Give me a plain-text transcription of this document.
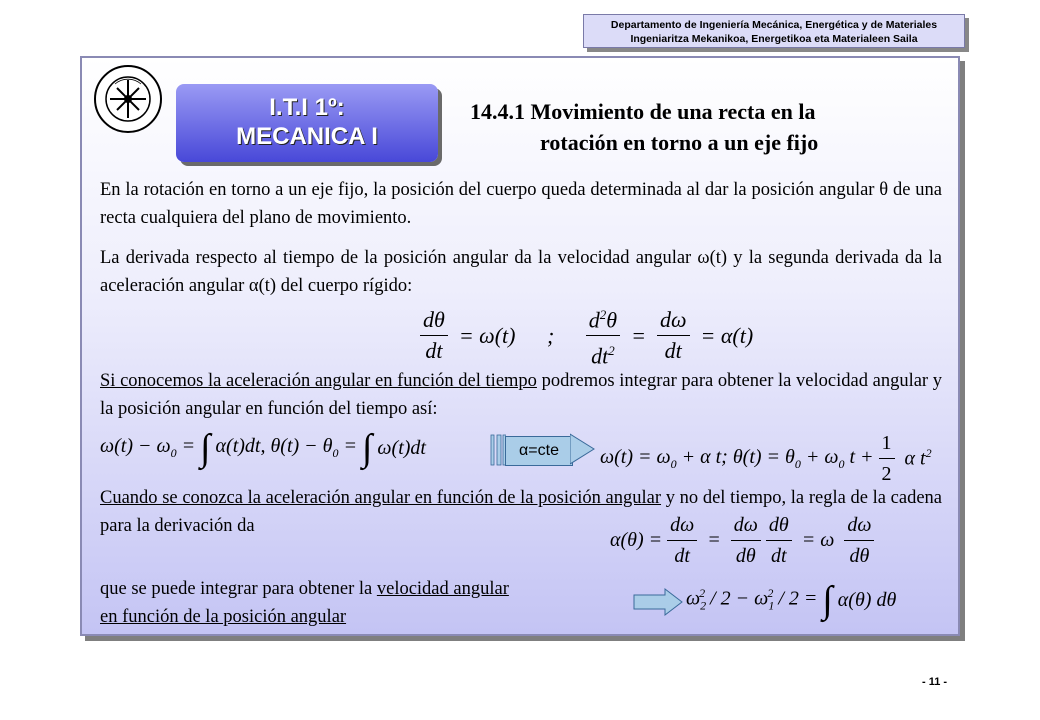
Departamento de Ingeniería Mecánica, Energética y de Materiales
Ingeniaritza Mekanikoa, Energetikoa eta Materialeen Saila
I.T.I 1º:
MECANICA I
14.4.1 Movimiento de una recta en la
rotación en torno a un eje fijo
En la rotación en torno a un eje fijo, la posición del cuerpo queda determinada al dar la posición angular θ de una recta cualquiera del plano de movimiento.
La derivada respecto al tiempo de la posición angular da la velocidad angular ω(t) y la segunda derivada da la aceleración angular α(t) del cuerpo rígido:
$\frac{d\theta}{dt} = \omega(t)$ ; $\frac{d^2\theta}{dt^2} = \frac{d\omega}{dt} = \alpha(t)$
Si conocemos la aceleración angular en función del tiempo podremos integrar para obtener la velocidad angular y la posición angular en función del tiempo así:
$\omega(t) - \omega_0$ = ∫ α(t)dt, $\theta(t) - \theta_0$ = ∫ ω(t)dt	α=cte	$\omega(t) = \omega_0 + \alpha$ t; $\theta(t) = \theta_0 + \omega_0$ $t + \frac{1}{2}$ α $t^2$
Cuando se conozca la aceleración angular en función de la posición angular y no del tiempo, la regla de la cadena para la derivación da
$\alpha(\theta) = \frac{d\omega}{dt} = \frac{d\omega}{d\theta}$
$\frac{d\theta}{dt} = \omega \frac{d\omega}{d\theta}$
que se puede integrar para obtener la velocidad angular
en función de la posición angular
$\omega_2^2 / 2 - \omega_1^2 / 2$ = ∫ α(θ) dθ
- 11 -
